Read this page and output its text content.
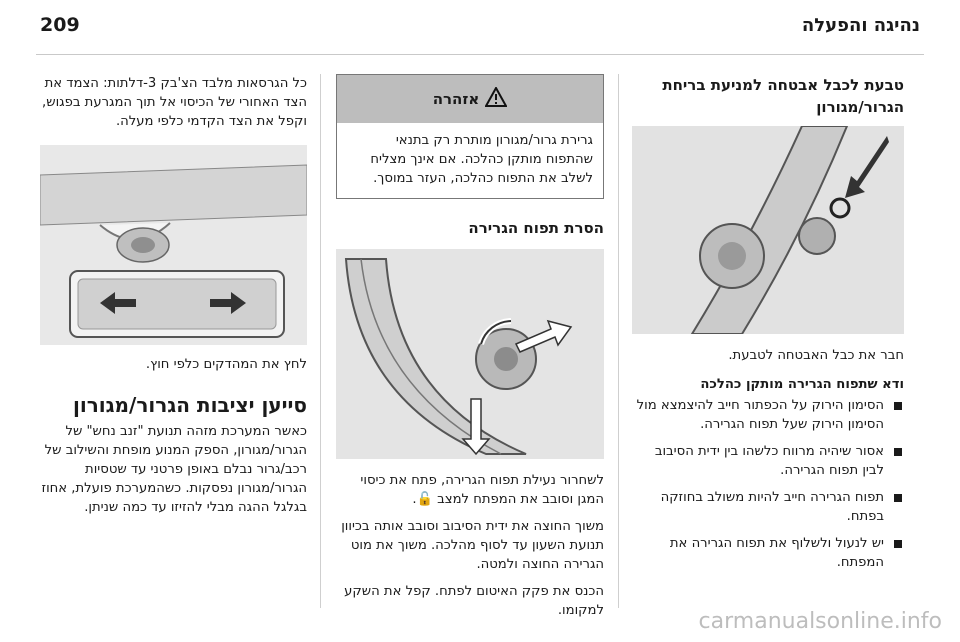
209	נהיגה והפעלה

כל הגרסאות מלבד הצ'בק 3-דלתות: הצמד את הצד האחורי של הכיסוי אל תוך המגרעת בפגוש, וקפל את הצד הקדמי כלפי מעלה.

לחץ את המהדקים כלפי חוץ.

סייען יציבות הגרור/מגורון

כאשר המערכת מזהה תנועת "זנב נחש" של הגרור/מגורון, הספק המנוע מופחת והשילוב של רכב/גרור נבלם באופן פרטני עד שטסיות הגרור/מגורון נפסקות. כשהמערכת פועלת, אחוז בגלגל ההגה מבלי להזיזו עד כמה שניתן.

אזהרה

גרירת גרור/מגורון מותרת רק בתנאי שהתפוח מותקן כהלכה. אם אינך מצליח לשלב את התפוח כהלכה, העזר במוסך.

הסרת תפוח הגרירה

לשחרור נעילת תפוח הגרירה, פתח את כיסוי המגן וסובב את המפתח למצב 🔓.

משוך החוצה את ידית הסיבוב וסובב אותה בכיוון תנועת השעון עד לסוף מהלכה. משוך את מוט הגרירה החוצה ולמטה.

הכנס את פקק האיטום לפתח. קפל את השקע למקומו.

טבעת לכבל אבטחה למניעת בריחת הגרור/מגורון

חבר את כבל האבטחה לטבעת.

ודא שתפוח הגרירה מותקן כהלכה

הסימון הירוק על הכפתור חייב להיצמצא מול הסימון הירוק שעל תפוח הגרירה.
אסור שיהיה מרווח כלשהו בין ידית הסיבוב לבין תפוח הגרירה.
תפוח הגרירה חייב להיות משולב בחוזקה בפתח.
יש לנעול ולשלוף את תפוח הגרירה את המפתח.
carmanualsonline.info
